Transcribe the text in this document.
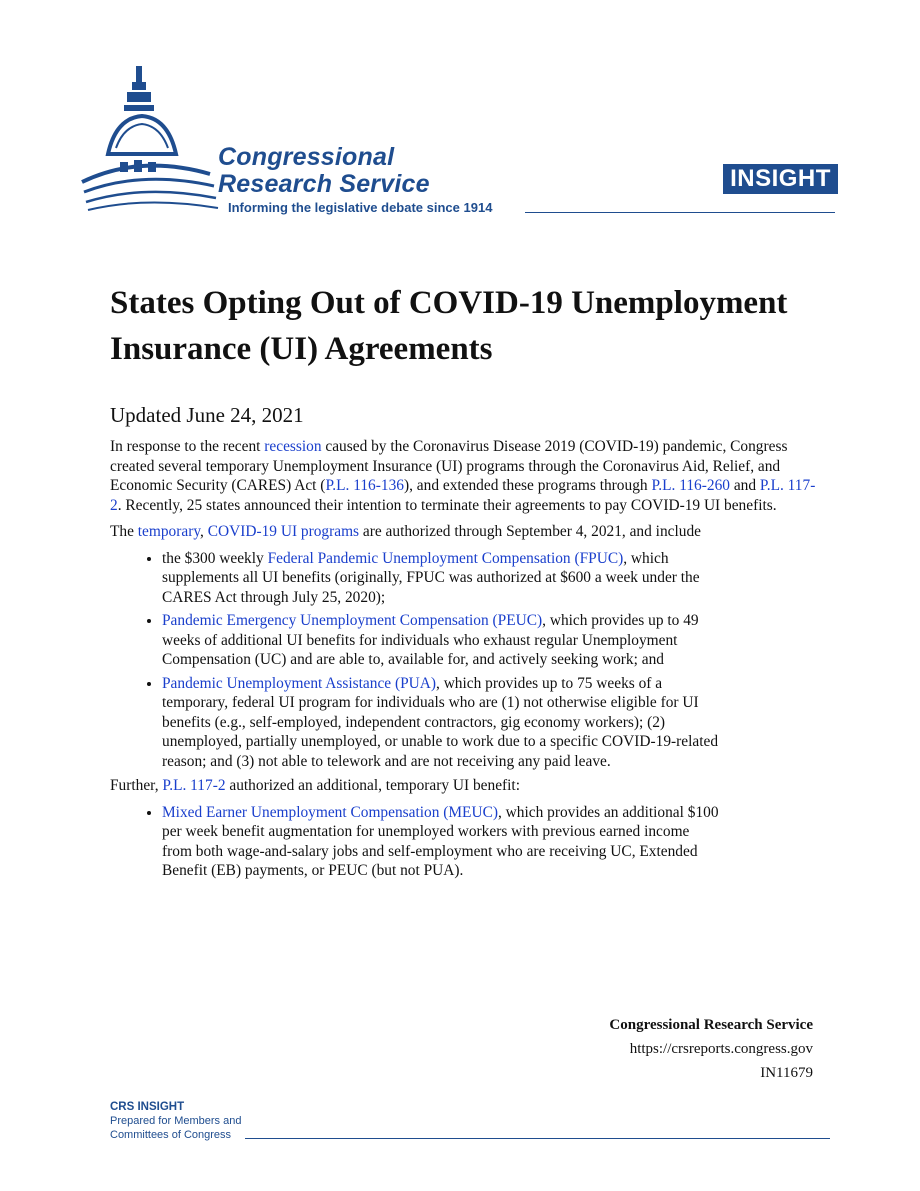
Congressional
Research Service
Informing the legislative debate since 1914
INSIGHT
States Opting Out of COVID-19 Unemployment Insurance (UI) Agreements

Updated June 24, 2021

In response to the recent recession caused by the Coronavirus Disease 2019 (COVID-19) pandemic, Congress created several temporary Unemployment Insurance (UI) programs through the Coronavirus Aid, Relief, and Economic Security (CARES) Act (P.L. 116-136), and extended these programs through P.L. 116-260 and P.L. 117-2. Recently, 25 states announced their intention to terminate their agreements to pay COVID-19 UI benefits.

The temporary, COVID-19 UI programs are authorized through September 4, 2021, and include

• the $300 weekly Federal Pandemic Unemployment Compensation (FPUC), which supplements all UI benefits (originally, FPUC was authorized at $600 a week under the CARES Act through July 25, 2020);
• Pandemic Emergency Unemployment Compensation (PEUC), which provides up to 49 weeks of additional UI benefits for individuals who exhaust regular Unemployment Compensation (UC) and are able to, available for, and actively seeking work; and
• Pandemic Unemployment Assistance (PUA), which provides up to 75 weeks of a temporary, federal UI program for individuals who are (1) not otherwise eligible for UI benefits (e.g., self-employed, independent contractors, gig economy workers); (2) unemployed, partially unemployed, or unable to work due to a specific COVID-19-related reason; and (3) not able to telework and are not receiving any paid leave.

Further, P.L. 117-2 authorized an additional, temporary UI benefit:

• Mixed Earner Unemployment Compensation (MEUC), which provides an additional $100 per week benefit augmentation for unemployed workers with previous earned income from both wage-and-salary jobs and self-employment who are receiving UC, Extended Benefit (EB) payments, or PEUC (but not PUA).
Congressional Research Service
https://crsreports.congress.gov
IN11679
CRS INSIGHT
Prepared for Members and
Committees of Congress
